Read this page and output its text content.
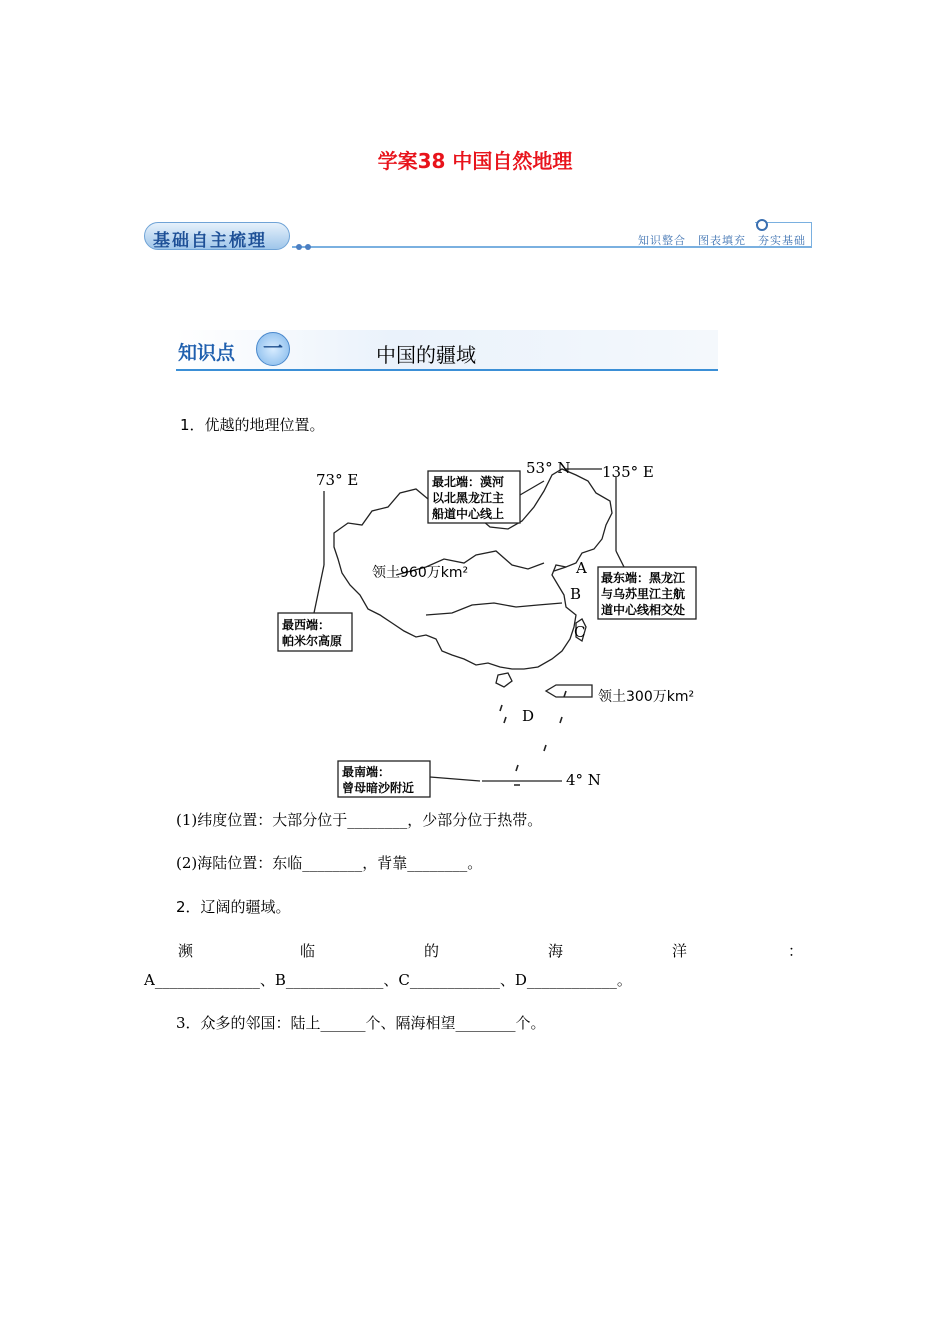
学案38 中国自然地理
基础自主梳理	知识整合　图表填充　夯实基础
知识点	一	中国的疆域
1．优越的地理位置。
73° E
53° N 135° E
4° N
A
B
C
D
领土960万km²
领土300万km²
最北端：漠河
以北黑龙江主
船道中心线上
最东端：黑龙江
与乌苏里江主航
道中心线相交处
最西端：
帕米尔高原
最南端：
曾母暗沙附近
(1)纬度位置：大部分位于________，少部分位于热带。
(2)海陆位置：东临________，背靠________。
2．辽阔的疆域。
濒	临	的	海	洋	：
A______________、B_____________、C____________、D____________。
3．众多的邻国：陆上______个、隔海相望________个。
